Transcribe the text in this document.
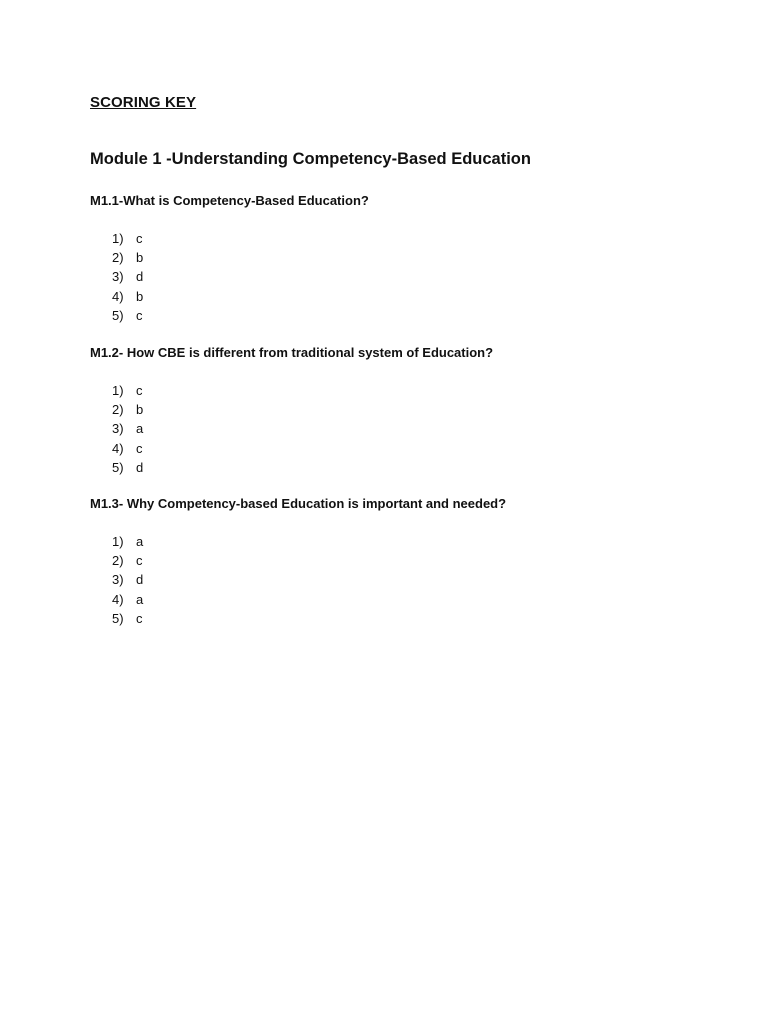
SCORING KEY
Module 1 -Understanding Competency-Based Education

M1.1-What is Competency-Based Education?

1) c
2) b
3) d
4) b
5) c

M1.2- How CBE is different from traditional system of Education?

1) c
2) b
3) a
4) c
5) d

M1.3- Why Competency-based Education is important and needed?

1) a
2) c
3) d
4) a
5) c
